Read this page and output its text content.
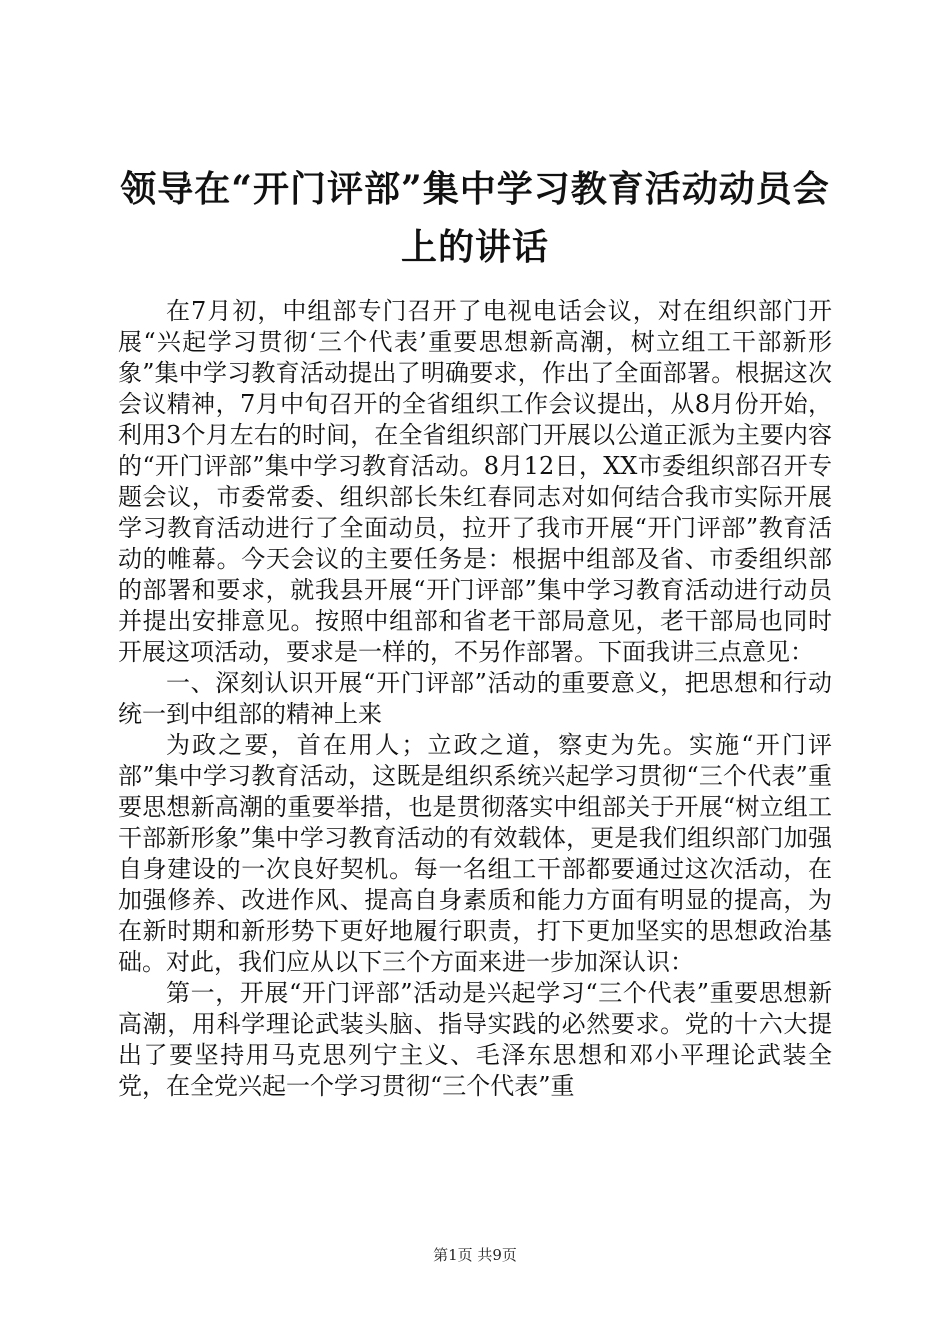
领导在“开门评部”集中学习教育活动动员会上的讲话

在7月初，中组部专门召开了电视电话会议，对在组织部门开展“兴起学习贯彻‘三个代表’重要思想新高潮，树立组工干部新形象”集中学习教育活动提出了明确要求，作出了全面部署。根据这次会议精神，7月中旬召开的全省组织工作会议提出，从8月份开始，利用3个月左右的时间，在全省组织部门开展以公道正派为主要内容的“开门评部”集中学习教育活动。8月12日，XX市委组织部召开专题会议，市委常委、组织部长朱红春同志对如何结合我市实际开展学习教育活动进行了全面动员，拉开了我市开展“开门评部”教育活动的帷幕。今天会议的主要任务是：根据中组部及省、市委组织部的部署和要求，就我县开展“开门评部”集中学习教育活动进行动员并提出安排意见。按照中组部和省老干部局意见，老干部局也同时开展这项活动，要求是一样的，不另作部署。下面我讲三点意见：

一、深刻认识开展“开门评部”活动的重要意义，把思想和行动统一到中组部的精神上来

为政之要，首在用人；立政之道，察吏为先。实施“开门评部”集中学习教育活动，这既是组织系统兴起学习贯彻“三个代表”重要思想新高潮的重要举措，也是贯彻落实中组部关于开展“树立组工干部新形象”集中学习教育活动的有效载体，更是我们组织部门加强自身建设的一次良好契机。每一名组工干部都要通过这次活动，在加强修养、改进作风、提高自身素质和能力方面有明显的提高，为在新时期和新形势下更好地履行职责，打下更加坚实的思想政治基础。对此，我们应从以下三个方面来进一步加深认识：

第一，开展“开门评部”活动是兴起学习“三个代表”重要思想新高潮，用科学理论武装头脑、指导实践的必然要求。党的十六大提出了要坚持用马克思列宁主义、毛泽东思想和邓小平理论武装全党，在全党兴起一个学习贯彻“三个代表”重

第1页 共9页
